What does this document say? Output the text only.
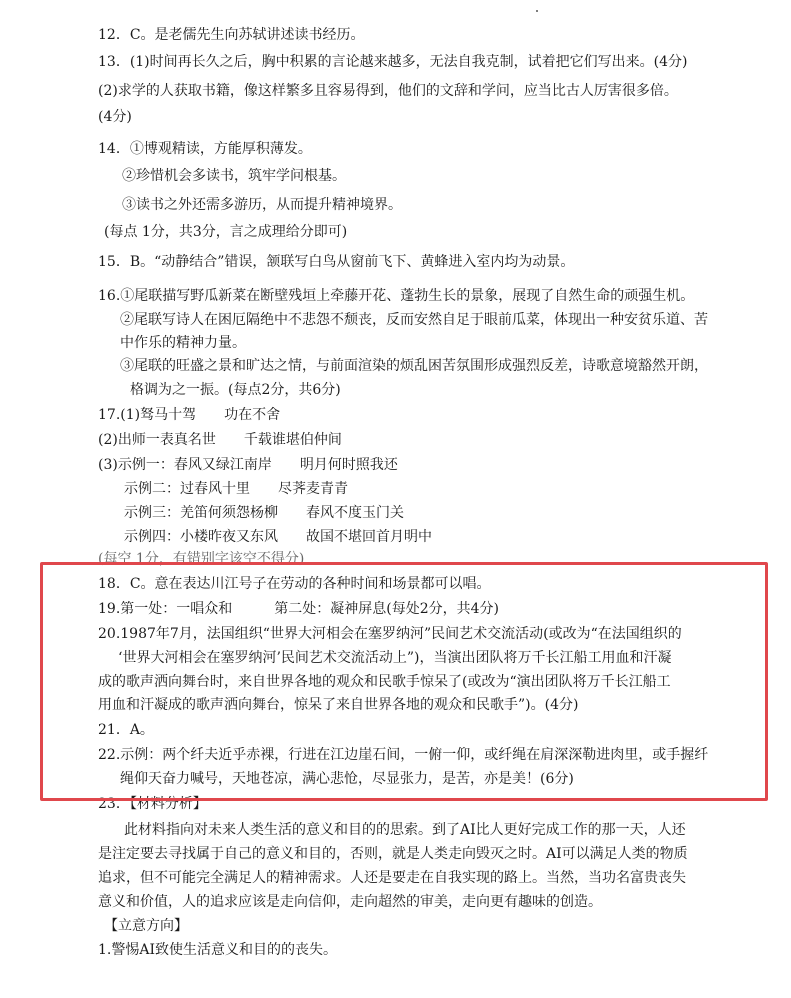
12．C。是老儒先生向苏轼讲述读书经历。
13．(1)时间再长久之后，胸中积累的言论越来越多，无法自我克制，试着把它们写出来。(4分)
(2)求学的人获取书籍，像这样繁多且容易得到，他们的文辞和学问，应当比古人厉害很多倍。
(4分)
14．①博观精读，方能厚积薄发。
②珍惜机会多读书，筑牢学问根基。
③读书之外还需多游历，从而提升精神境界。
(每点 1分，共3分，言之成理给分即可)
15．B。“动静结合”错误，颔联写白鸟从窗前飞下、黄蜂进入室内均为动景。
16.①尾联描写野瓜新菜在断壁残垣上牵藤开花、蓬勃生长的景象，展现了自然生命的顽强生机。
②尾联写诗人在困厄隔绝中不悲怨不颓丧，反而安然自足于眼前瓜菜，体现出一种安贫乐道、苦
中作乐的精神力量。
③尾联的旺盛之景和旷达之情，与前面渲染的烦乱困苦氛围形成强烈反差，诗歌意境豁然开朗，
格调为之一振。(每点2分，共6分)
17.(1)驽马十驾　　功在不舍
(2)出师一表真名世　　千载谁堪伯仲间
(3)示例一：春风又绿江南岸　　明月何时照我还
示例二：过春风十里　　尽荠麦青青
示例三：羌笛何须怨杨柳　　春风不度玉门关
示例四：小楼昨夜又东风　　故国不堪回首月明中
(每空 1分，有错别字该空不得分)
18．C。意在表达川江号子在劳动的各种时间和场景都可以唱。
19.第一处：一唱众和　　　第二处：凝神屏息(每处2分，共4分)
20.1987年7月，法国组织“世界大河相会在塞罗纳河”民间艺术交流活动(或改为“在法国组织的
‘世界大河相会在塞罗纳河’民间艺术交流活动上”)，当演出团队将万千长江船工用血和汗凝
成的歌声洒向舞台时，来自世界各地的观众和民歌手惊呆了(或改为“演出团队将万千长江船工
用血和汗凝成的歌声洒向舞台，惊呆了来自世界各地的观众和民歌手”)。(4分)
21．A。
22.示例：两个纤夫近乎赤裸，行进在江边崖石间，一俯一仰，或纤绳在肩深深勒进肉里，或手握纤
绳仰天奋力喊号，天地苍凉，满心悲怆，尽显张力，是苦，亦是美！(6分)
23．【材料分析】
此材料指向对未来人类生活的意义和目的的思索。到了AI比人更好完成工作的那一天，人还
是注定要去寻找属于自己的意义和目的，否则，就是人类走向毁灭之时。AI可以满足人类的物质
追求，但不可能完全满足人的精神需求。人还是要走在自我实现的路上。当然，当功名富贵丧失
意义和价值，人的追求应该是走向信仰，走向超然的审美，走向更有趣味的创造。
【立意方向】
1.警惕AI致使生活意义和目的的丧失。
